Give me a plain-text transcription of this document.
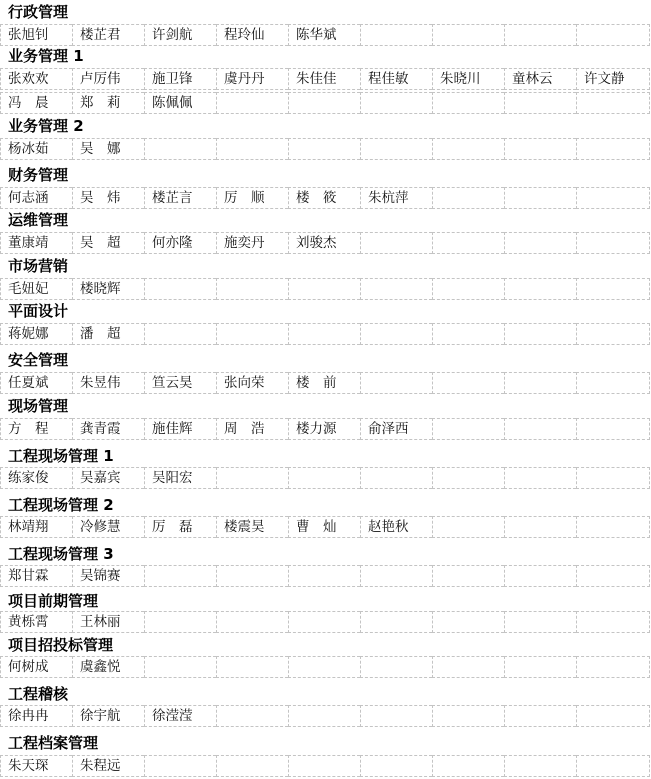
行政管理
张旭钊	楼芷君	许剑航	程玲仙	陈华斌
业务管理 1
张欢欢	卢厉伟	施卫锋	虞丹丹	朱佳佳	程佳敏	朱晓川	童林云	许文静
冯　晨	郑　莉	陈佩佩
业务管理 2
杨冰茹	吴　娜
财务管理
何志涵	吴　炜	楼芷言	厉　顺	楼　筱	朱杭萍
运维管理
董康靖	吴　超	何亦隆	施奕丹	刘骏杰
市场营销
毛妞妃	楼晓辉
平面设计
蒋妮娜	潘　超
安全管理
任夏斌	朱昱伟	笪云昊	张向荣	楼　前
现场管理
方　程	龚青霞	施佳辉	周　浩	楼力源	俞泽西
工程现场管理 1
练家俊	吴嘉宾	吴阳宏
工程现场管理 2
林靖翔	冷修慧	厉　磊	楼震昊	曹　灿	赵艳秋
工程现场管理 3
郑甘霖	吴锦赛
项目前期管理
黄栎霄	王林丽
项目招投标管理
何树成	虞鑫悦
工程稽核
徐冉冉	徐宇航	徐滢滢
工程档案管理
朱天琛	朱程远
